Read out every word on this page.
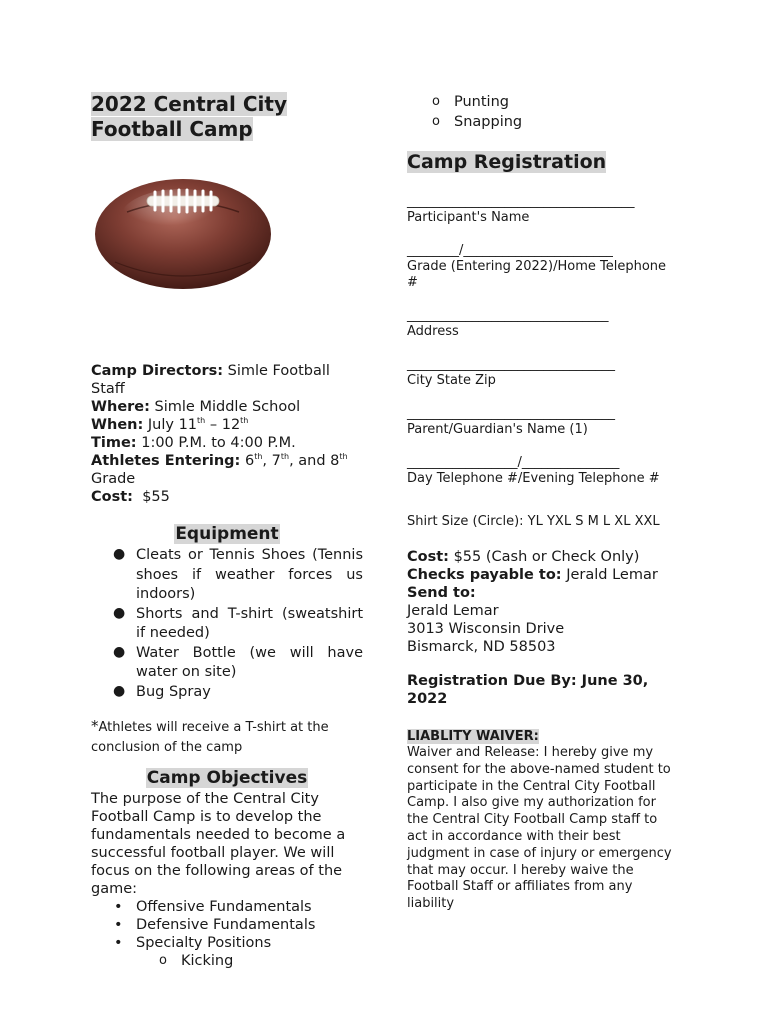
2022 Central City Football Camp
Camp Directors: Simle Football Staff
Where: Simle Middle School
When: July 11th – 12th
Time: 1:00 P.M. to 4:00 P.M.
Athletes Entering: 6th, 7th, and 8th
Grade
Cost: $55
Equipment
● Cleats or Tennis Shoes (Tennis shoes if weather forces us indoors)
● Shorts and T-shirt (sweatshirt if needed)
● Water Bottle (we will have water on site)
● Bug Spray
*Athletes will receive a T-shirt at the conclusion of the camp
Camp Objectives
The purpose of the Central City Football Camp is to develop the fundamentals needed to become a successful football player. We will focus on the following areas of the game:
• Offensive Fundamentals
• Defensive Fundamentals
• Specialty Positions
o Kicking
o Punting
o Snapping
Camp Registration
___________________________________
Participant's Name
________/_______________________
Grade (Entering 2022)/Home Telephone #
_______________________________
Address
________________________________
City State Zip
________________________________
Parent/Guardian's Name (1)
_________________/_______________
Day Telephone #/Evening Telephone #
Shirt Size (Circle): YL YXL S M L XL XXL
Cost: $55 (Cash or Check Only)
Checks payable to: Jerald Lemar
Send to:
Jerald Lemar
3013 Wisconsin Drive
Bismarck, ND 58503
Registration Due By: June 30, 2022
LIABLITY WAIVER:
Waiver and Release: I hereby give my consent for the above-named student to participate in the Central City Football Camp. I also give my authorization for the Central City Football Camp staff to act in accordance with their best judgment in case of injury or emergency that may occur. I hereby waive the Football Staff or affiliates from any liability
